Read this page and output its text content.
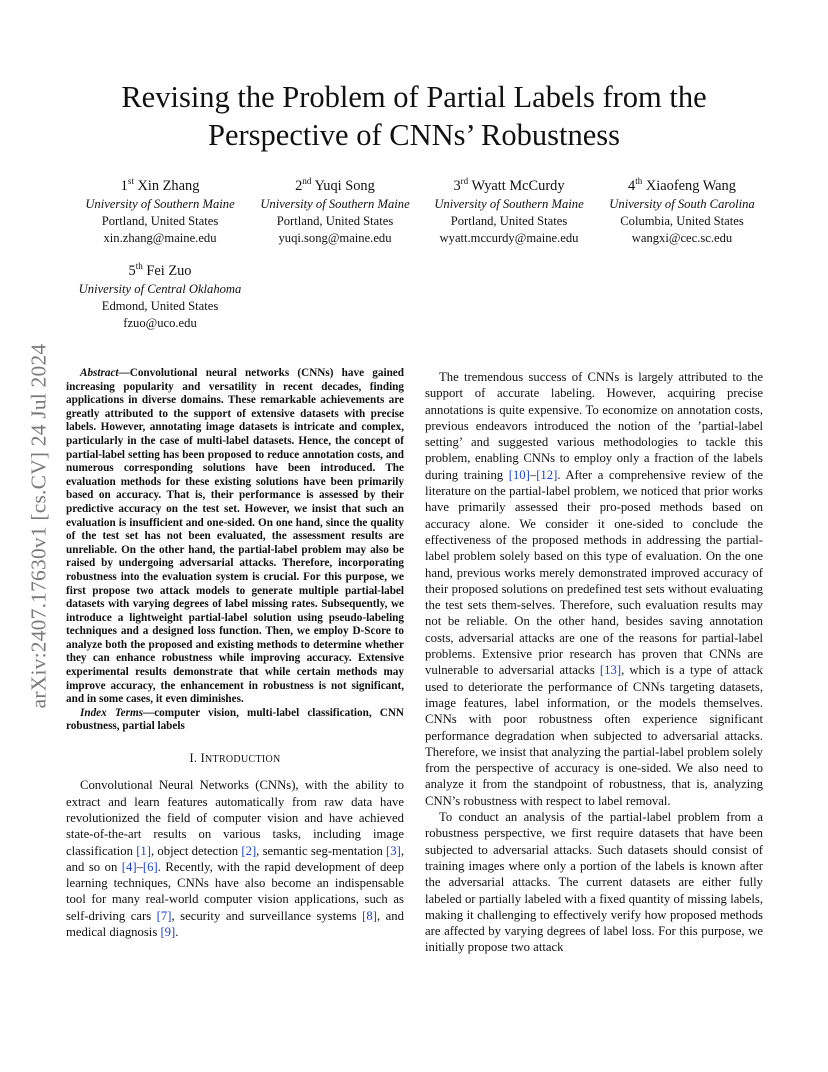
arXiv:2407.17630v1 [cs.CV] 24 Jul 2024
Revising the Problem of Partial Labels from the
Perspective of CNNs’ Robustness
1st Xin Zhang
University of Southern Maine
Portland, United States
xin.zhang@maine.edu
2nd Yuqi Song
University of Southern Maine
Portland, United States
yuqi.song@maine.edu
3rd Wyatt McCurdy
University of Southern Maine
Portland, United States
wyatt.mccurdy@maine.edu
4th Xiaofeng Wang
University of South Carolina
Columbia, United States
wangxi@cec.sc.edu
5th Fei Zuo
University of Central Oklahoma
Edmond, United States
fzuo@uco.edu

Abstract—Convolutional neural networks (CNNs) have gained increasing popularity and versatility in recent decades, finding applications in diverse domains. These remarkable achievements are greatly attributed to the support of extensive datasets with precise labels. However, annotating image datasets is intricate and complex, particularly in the case of multi-label datasets. Hence, the concept of partial-label setting has been proposed to reduce annotation costs, and numerous corresponding solutions have been introduced. The evaluation methods for these existing solutions have been primarily based on accuracy. That is, their performance is assessed by their predictive accuracy on the test set. However, we insist that such an evaluation is insufficient and one-sided. On one hand, since the quality of the test set has not been evaluated, the assessment results are unreliable. On the other hand, the partial-label problem may also be raised by undergoing adversarial attacks. Therefore, incorporating robustness into the evaluation system is crucial. For this purpose, we first propose two attack models to generate multiple partial-label datasets with varying degrees of label missing rates. Subsequently, we introduce a lightweight partial-label solution using pseudo-labeling techniques and a designed loss function. Then, we employ D-Score to analyze both the proposed and existing methods to determine whether they can enhance robustness while improving accuracy. Extensive experimental results demonstrate that while certain methods may improve accuracy, the enhancement in robustness is not significant, and in some cases, it even diminishes.

Index Terms—computer vision, multi-label classification, CNN robustness, partial labels

I. INTRODUCTION

Convolutional Neural Networks (CNNs), with the ability to extract and learn features automatically from raw data have revolutionized the field of computer vision and have achieved state-of-the-art results on various tasks, including image classification [1], object detection [2], semantic seg-mentation [3], and so on [4]–[6]. Recently, with the rapid development of deep learning techniques, CNNs have also become an indispensable tool for many real-world computer vision applications, such as self-driving cars [7], security and surveillance systems [8], and medical diagnosis [9].

The tremendous success of CNNs is largely attributed to the support of accurate labeling. However, acquiring precise annotations is quite expensive. To economize on annotation costs, previous endeavors introduced the notion of the ’partial-label setting’ and suggested various methodologies to tackle this problem, enabling CNNs to employ only a fraction of the labels during training [10]–[12]. After a comprehensive review of the literature on the partial-label problem, we noticed that prior works have primarily assessed their pro-posed methods based on accuracy alone. We consider it one-sided to conclude the effectiveness of the proposed methods in addressing the partial-label problem solely based on this type of evaluation. On the one hand, previous works merely demonstrated improved accuracy of their proposed solutions on predefined test sets without evaluating the test sets them-selves. Therefore, such evaluation results may not be reliable. On the other hand, besides saving annotation costs, adversarial attacks are one of the reasons for partial-label problems. Extensive prior research has proven that CNNs are vulnerable to adversarial attacks [13], which is a type of attack used to deteriorate the performance of CNNs targeting datasets, image features, label information, or the models themselves. CNNs with poor robustness often experience significant performance degradation when subjected to adversarial attacks. Therefore, we insist that analyzing the partial-label problem solely from the perspective of accuracy is one-sided. We also need to analyze it from the standpoint of robustness, that is, analyzing CNN’s robustness with respect to label removal.

To conduct an analysis of the partial-label problem from a robustness perspective, we first require datasets that have been subjected to adversarial attacks. Such datasets should consist of training images where only a portion of the labels is known after the adversarial attacks. The current datasets are either fully labeled or partially labeled with a fixed quantity of missing labels, making it challenging to effectively verify how proposed methods are affected by varying degrees of label loss. For this purpose, we initially propose two attack
